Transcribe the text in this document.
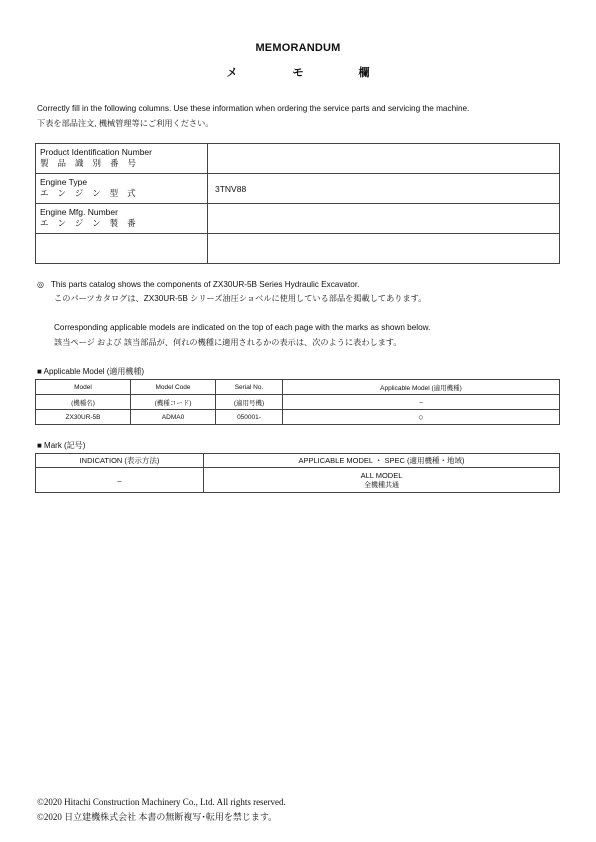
MEMORANDUM
メ モ 欄
Correctly fill in the following columns. Use these information when ordering the service parts and servicing the machine.
下表を部品注文, 機械管理等にご利用ください。
Product Identification Number
製品識別番号	

Engine Type
エンジン型式	3TNV88

Engine Mfg. Number
エンジン製番	

◎ This parts catalog shows the components of ZX30UR-5B Series Hydraulic Excavator.
このパーツカタログは、ZX30UR-5B シリーズ油圧ショベルに使用している部品を掲載してあります。
Corresponding applicable models are indicated on the top of each page with the marks as shown below.
該当ページ および 該当部品が、何れの機種に適用されるかの表示は、次のように表わします。
■ Applicable Model (適用機種)
Model	Model Code	Serial No.	Applicable Model (適用機種)
(機種名)	(機種コード)	(適用号機)	–
ZX30UR-5B	ADMA0	050001-	○
■ Mark (記号)
INDICATION (表示方法)	APPLICABLE MODEL ・ SPEC (適用機種・地域)
–	ALL MODEL
全機種共通
©2020 Hitachi Construction Machinery Co., Ltd. All rights reserved.
©2020 日立建機株式会社 本書の無断複写･転用を禁じます。
